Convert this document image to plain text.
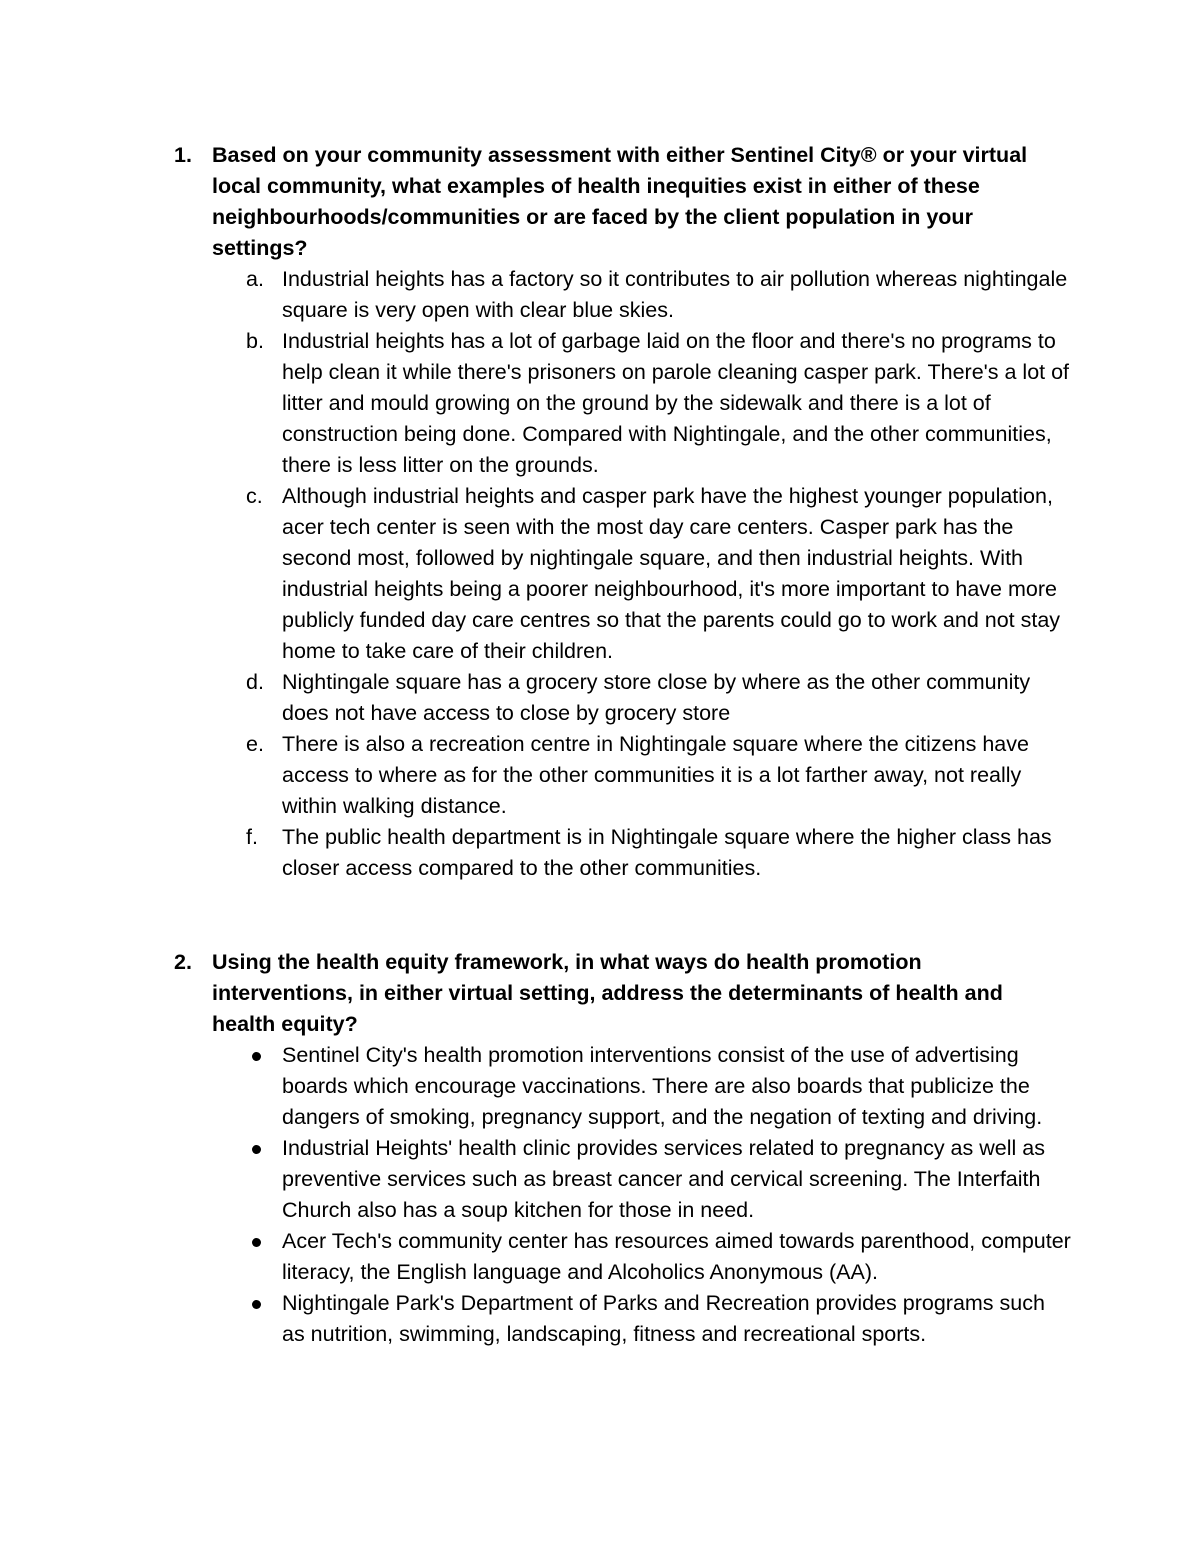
1. Based on your community assessment with either Sentinel City® or your virtual local community, what examples of health inequities exist in either of these neighbourhoods/communities or are faced by the client population in your settings?
a. Industrial heights has a factory so it contributes to air pollution whereas nightingale square is very open with clear blue skies.
b. Industrial heights has a lot of garbage laid on the floor and there's no programs to help clean it while there's prisoners on parole cleaning casper park. There's a lot of litter and mould growing on the ground by the sidewalk and there is a lot of construction being done. Compared with Nightingale, and the other communities, there is less litter on the grounds.
c. Although industrial heights and casper park have the highest younger population, acer tech center is seen with the most day care centers. Casper park has the second most, followed by nightingale square, and then industrial heights. With industrial heights being a poorer neighbourhood, it's more important to have more publicly funded day care centres so that the parents could go to work and not stay home to take care of their children.
d. Nightingale square has a grocery store close by where as the other community does not have access to close by grocery store
e. There is also a recreation centre in Nightingale square where the citizens have access to where as for the other communities it is a lot farther away, not really within walking distance.
f.	The public health department is in Nightingale square where the higher class has closer access compared to the other communities.
2. Using the health equity framework, in what ways do health promotion interventions, in either virtual setting, address the determinants of health and health equity?
Sentinel City's health promotion interventions consist of the use of advertising boards which encourage vaccinations. There are also boards that publicize the dangers of smoking, pregnancy support, and the negation of texting and driving.
Industrial Heights' health clinic provides services related to pregnancy as well as preventive services such as breast cancer and cervical screening. The Interfaith Church also has a soup kitchen for those in need.
Acer Tech's community center has resources aimed towards parenthood, computer literacy, the English language and Alcoholics Anonymous (AA).
Nightingale Park's Department of Parks and Recreation provides programs such as nutrition, swimming, landscaping, fitness and recreational sports.
